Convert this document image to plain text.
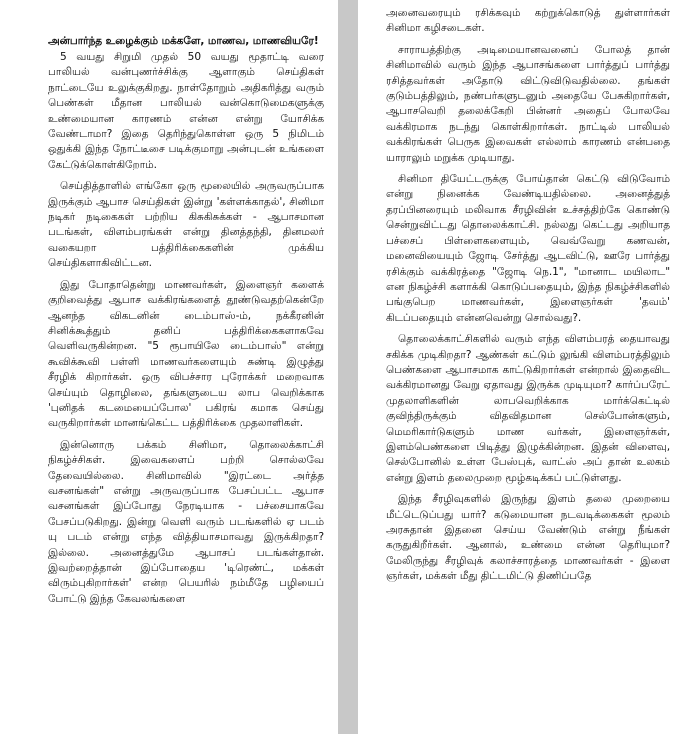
அன்பார்ந்த உழைக்கும் மக்களே, மாணவ, மாணவியரே!

5 வயது சிறுமி முதல் 50 வயது மூதாட்டி வரை பாலியல் வன்புணர்ச்சிக்கு ஆளாகும் செய்திகள் நாட்டையே உலுக்குகிறது. நாள்தோறும் அதிகரித்து வரும் பெண்கள் மீதான பாலியல் வன்கொடுமைகளுக்கு உண்மையான காரணம் என்ன என்று யோசிக்க வேண்டாமா? இதை தெரிந்துகொள்ள ஒரு 5 நிமிடம் ஒதுக்கி இந்த நோட்டீசை படிக்குமாறு அன்புடன் உங்களை கேட்டுக்கொள்கிறோம்.

செய்தித்தாளில் எங்கோ ஒரு மூலையில் அருவருப்பாக இருக்கும் ஆபாச செய்திகள் இன்று 'கள்ளக்காதல்', சினிமா நடிகர் நடிகைகள் பற்றிய கிசுகிசுக்கள் - ஆபாசமான படங்கள், விளம்பரங்கள் என்று தினத்தந்தி, தினமலர் வகையறா பத்திரிக்கைகளின் முக்கிய செய்திகளாகிவிட்டன.

இது போதாதென்று மாணவர்கள், இளைஞர் களைக் குறிவைத்து ஆபாச வக்கிரங்களைத் தூண்டுவதற்கென்றே ஆனந்த விகடனின் டைம்பாஸ்-ம், நக்கீரனின் சினிக்கூத்தும் தனிப் பத்திரிக்கைகளாகவே வெளிவருகின்றன. "5 ரூபாயிலே டைம்பாஸ்" என்று கூவிக்கூவி பள்ளி மாணவர்களையும் சுண்டி இழுத்து சீரழிக் கிறார்கள். ஒரு விபச்சார புரோக்கர் மறைவாக செய்யும் தொழிலை, தங்களுடைய லாப வெறிக்காக 'புனிதக் கடமையைப்போல' பகிரங் கமாக செய்து வருகிறார்கள் மானங்கெட்ட பத்திரிக்கை முதலாளிகள்.

இன்னொரு பக்கம் சினிமா, தொலைக்காட்சி நிகழ்ச்சிகள். இவைகளைப் பற்றி சொல்லவே தேவையில்லை. சினிமாவில் "இரட்டை அர்த்த வசனங்கள்" என்று அருவருப்பாக பேசப்பட்ட ஆபாச வசனங்கள் இப்போது நேரடியாக - பச்சையாகவே பேசப்படுகிறது. இன்று வெளி வரும் படங்களில் ஏ படம் யு படம் என்று எந்த வித்தியாசமாவது இருக்கிறதா? இல்லை. அனைத்துமே ஆபாசப் படங்கள்தான். இவற்றைத்தான் இப்போதைய 'டிரெண்ட், மக்கள் விரும்புகிறார்கள்' என்ற பெயரில் நம்மீதே பழியைப் போட்டு இந்த கேவலங்களை

அனைவரையும் ரசிக்கவும் கற்றுக்கொடுத் துள்ளார்கள் சினிமா கழிசடைகள்.

சாராயத்திற்கு அடிமையானவனைப் போலத் தான் சினிமாவில் வரும் இந்த ஆபாசங்களை பார்த்துப் பார்த்து ரசித்தவர்கள் அதோடு விட்டுவிடுவதில்லை. தங்கள் குடும்பத்திலும், நண்பர்களுடனும் அதையே பேசுகிறார்கள், ஆபாசவெறி தலைக்கேறி பின்னர் அதைப் போலவே வக்கிரமாக நடந்து கொள்கிறார்கள். நாட்டில் பாலியல் வக்கிரங்கள் பெருக இவைகள் எல்லாம் காரணம் என்பதை யாராலும் மறுக்க முடியாது.

சினிமா தியேட்டருக்கு போய்தான் கெட்டு விடுவோம் என்று நினைக்க வேண்டியதில்லை. அனைத்துத் தரப்பினரையும் மலிவாக சீரழிவின் உச்சத்திற்கே கொண்டு சென்றுவிட்டது தொலைக்காட்சி. நல்லது கெட்டது அறியாத பச்சைப் பிள்ளைகளையும், வெவ்வேறு கணவன், மனைவியையும் ஜோடி சேர்த்து ஆடவிட்டு, ஊரே பார்த்து ரசிக்கும் வக்கிரத்தை "ஜோடி நெ.1", "மானாட மயிலாட" என நிகழ்ச்சி களாக்கி கொடுப்பதையும், இந்த நிகழ்ச்சிகளில் பங்குபெற மாணவர்கள், இளைஞர்கள் 'தவம்' கிடப்பதையும் என்னவென்று சொல்வது?.

தொலைக்காட்சிகளில் வரும் எந்த விளம்பரத் தையாவது சகிக்க முடிகிறதா? ஆண்கள் கட்டும் லுங்கி விளம்பரத்திலும் பெண்களை ஆபாசமாக காட்டுகிறார்கள் என்றால் இதைவிட வக்கிரமானது வேறு ஏதாவது இருக்க முடியுமா? கார்ப்பரேட் முதலாளிகளின் லாபவெறிக்காக மார்க்கெட்டில் குவிந்திருக்கும் விதவிதமான செல்போன்களும், மெமரிகார்டுகளும் மாண வர்கள், இளைஞர்கள், இளம்பெண்களை பிடித்து இழுக்கின்றன. இதன் விளைவு, செல்போனில் உள்ள பேஸ்புக், வாட்ஸ் அப் தான் உலகம் என்று இளம் தலைமுறை மூழ்கடிக்கப் பட்டுள்ளது.

இந்த சீரழிவுகளில் இருந்து இளம் தலை முறையை மீட்டெடுப்பது யார்? கடுமையான நடவடிக்கைகள் மூலம் அரசுதான் இதனை செய்ய வேண்டும் என்று நீங்கள் கருதுகிறீர்கள். ஆனால், உண்மை என்ன தெரியுமா? மேலிருந்து சீரழிவுக் கலாச்சாரத்தை மாணவர்கள் - இளை ஞர்கள், மக்கள் மீது திட்டமிட்டு திணிப்பதே
